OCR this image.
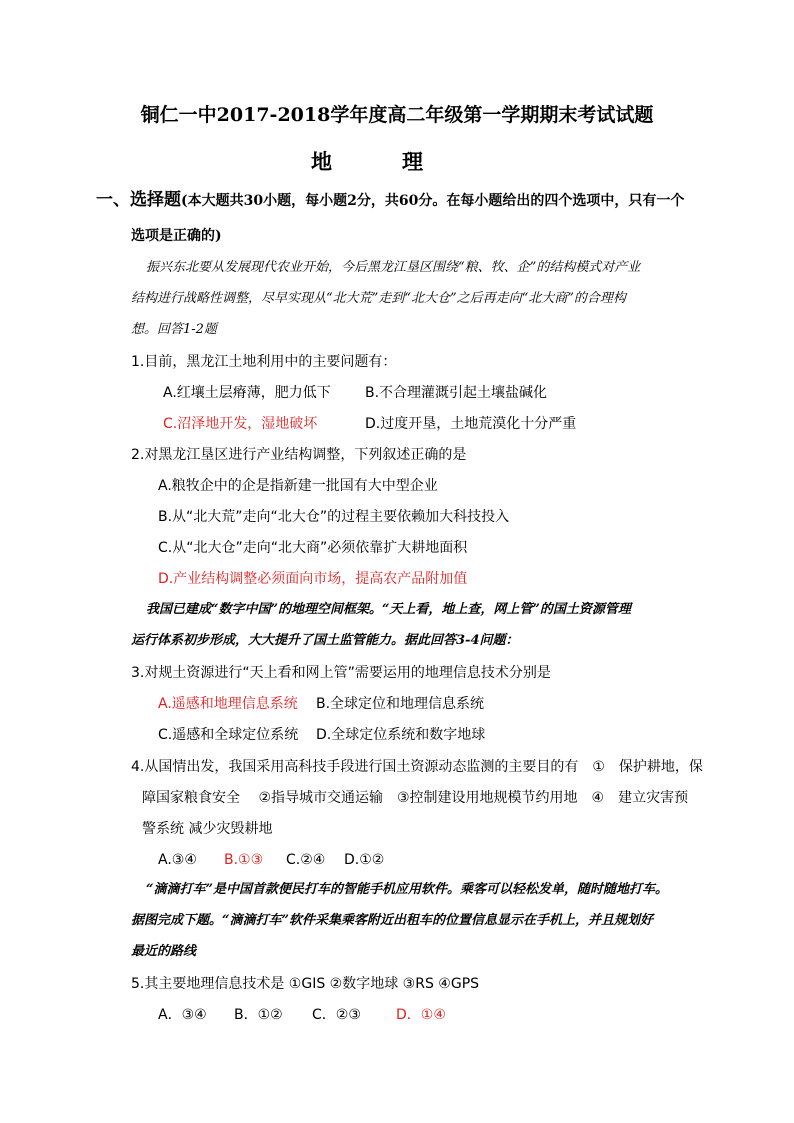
铜仁一中2017-2018学年度高二年级第一学期期末考试试题
地	理
一、选择题(本大题共30小题，每小题2分，共60分。在每小题给出的四个选项中，只有一个
选项是正确的)
振兴东北要从发展现代农业开始，今后黑龙江垦区围绕“粮、牧、企”的结构模式对产业
结构进行战略性调整，尽早实现从“北大荒”走到“北大仓”之后再走向“北大商”的合理构
想。回答1-2题
1.目前，黑龙江土地利用中的主要问题有：
A.红壤土层瘠薄，肥力低下 B.不合理灌溉引起土壤盐碱化
C.沼泽地开发，湿地破坏	D.过度开垦，土地荒漠化十分严重
2.对黑龙江垦区进行产业结构调整，下列叙述正确的是
A.粮牧企中的企是指新建一批国有大中型企业
B.从“北大荒”走向“北大仓”的过程主要依赖加大科技投入
C.从“北大仓”走向“北大商”必须依靠扩大耕地面积
D.产业结构调整必须面向市场，提高农产品附加值
我国已建成“数字中国”的地理空间框架。“天上看，地上查，网上管”的国土资源管理
运行体系初步形成，大大提升了国土监管能力。据此回答3-4问题：
3.对规土资源进行“天上看和网上管”需要运用的地理信息技术分别是
A.遥感和地理信息系统 B.全球定位和地理信息系统
C.遥感和全球定位系统 D.全球定位系统和数字地球
4.从国情出发，我国采用高科技手段进行国土资源动态监测的主要目的有　①　保护耕地，保
障国家粮食安全　 ②指导城市交通运输　③控制建设用地规模节约用地　④　建立灾害预
警系统 减少灾毁耕地
A.③④ B.①③ C.②④ D.①②
“滴滴打车”是中国首款便民打车的智能手机应用软件。乘客可以轻松发单，随时随地打车。
据图完成下题。“滴滴打车”软件采集乘客附近出租车的位置信息显示在手机上，并且规划好
最近的路线
5.其主要地理信息技术是 ①GIS ②数字地球 ③RS ④GPS
A．③④ B．①② C．②③	D．①④
